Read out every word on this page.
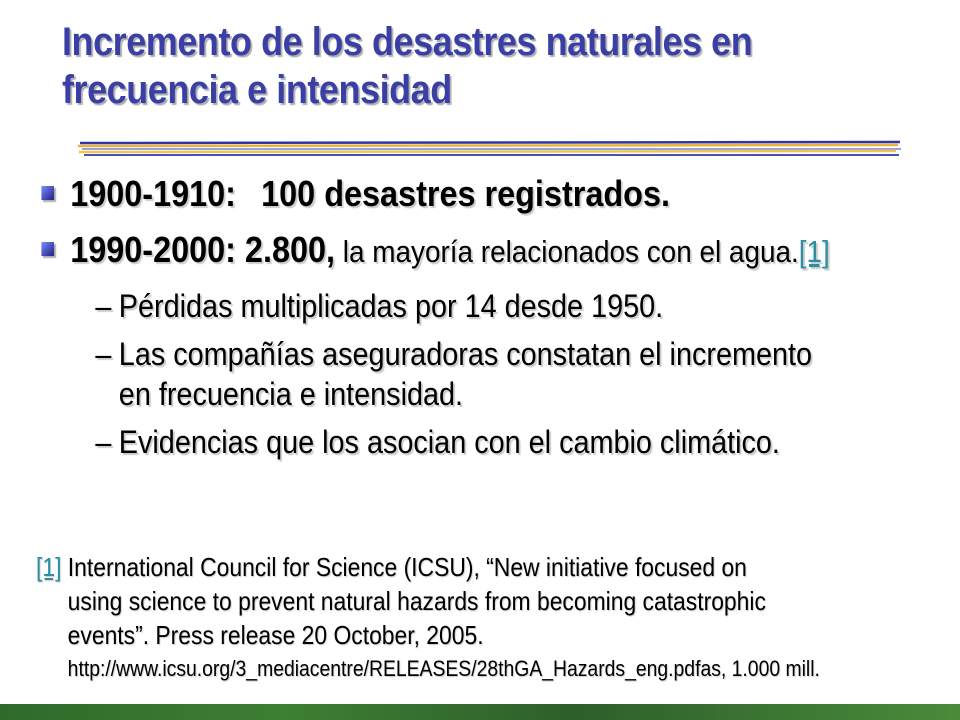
Incremento de los desastres naturales en
frecuencia e intensidad
1900-1910: 100 desastres registrados.
1990-2000: 2.800, la mayoría relacionados con el agua.[1]
– Pérdidas multiplicadas por 14 desde 1950.
– Las compañías aseguradoras constatan el incremento en frecuencia e intensidad.
– Evidencias que los asocian con el cambio climático.
[1] International Council for Science (ICSU), “New initiative focused on
using science to prevent natural hazards from becoming catastrophic
events”. Press release 20 October, 2005.
http://www.icsu.org/3_mediacentre/RELEASES/28thGA_Hazards_eng.pdfas, 1.000 mill.
